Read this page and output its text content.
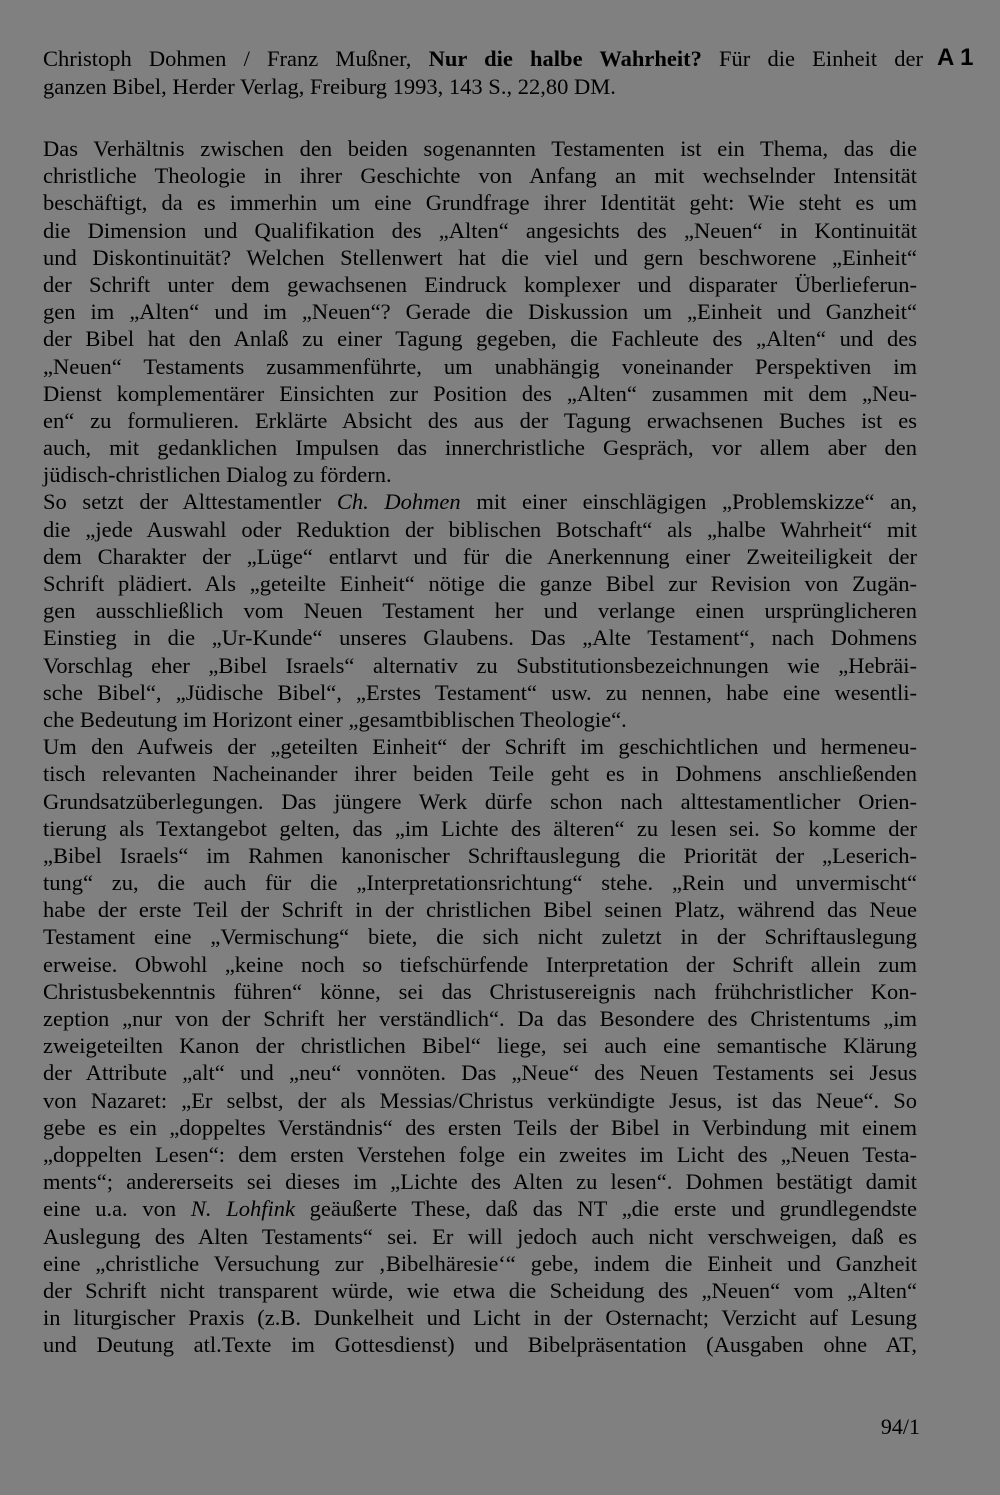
Christoph Dohmen / Franz Mußner, Nur die halbe Wahrheit? Für die Einheit der
ganzen Bibel, Herder Verlag, Freiburg 1993, 143 S., 22,80 DM.
A 1
Das Verhältnis zwischen den beiden sogenannten Testamenten ist ein Thema, das die
christliche Theologie in ihrer Geschichte von Anfang an mit wechselnder Intensität
beschäftigt, da es immerhin um eine Grundfrage ihrer Identität geht: Wie steht es um
die Dimension und Qualifikation des „Alten“ angesichts des „Neuen“ in Kontinuität
und Diskontinuität? Welchen Stellenwert hat die viel und gern beschworene „Einheit“
der Schrift unter dem gewachsenen Eindruck komplexer und disparater Überlieferun-
gen im „Alten“ und im „Neuen“? Gerade die Diskussion um „Einheit und Ganzheit“
der Bibel hat den Anlaß zu einer Tagung gegeben, die Fachleute des „Alten“ und des
„Neuen“ Testaments zusammenführte, um unabhängig voneinander Perspektiven im
Dienst komplementärer Einsichten zur Position des „Alten“ zusammen mit dem „Neu-
en“ zu formulieren. Erklärte Absicht des aus der Tagung erwachsenen Buches ist es
auch, mit gedanklichen Impulsen das innerchristliche Gespräch, vor allem aber den
jüdisch-christlichen Dialog zu fördern.
So setzt der Alttestamentler Ch. Dohmen mit einer einschlägigen „Problemskizze“ an,
die „jede Auswahl oder Reduktion der biblischen Botschaft“ als „halbe Wahrheit“ mit
dem Charakter der „Lüge“ entlarvt und für die Anerkennung einer Zweiteiligkeit der
Schrift plädiert. Als „geteilte Einheit“ nötige die ganze Bibel zur Revision von Zugän-
gen ausschließlich vom Neuen Testament her und verlange einen ursprünglicheren
Einstieg in die „Ur-Kunde“ unseres Glaubens. Das „Alte Testament“, nach Dohmens
Vorschlag eher „Bibel Israels“ alternativ zu Substitutionsbezeichnungen wie „Hebräi-
sche Bibel“, „Jüdische Bibel“, „Erstes Testament“ usw. zu nennen, habe eine wesentli-
che Bedeutung im Horizont einer „gesamtbiblischen Theologie“.
Um den Aufweis der „geteilten Einheit“ der Schrift im geschichtlichen und hermeneu-
tisch relevanten Nacheinander ihrer beiden Teile geht es in Dohmens anschließenden
Grundsatzüberlegungen. Das jüngere Werk dürfe schon nach alttestamentlicher Orien-
tierung als Textangebot gelten, das „im Lichte des älteren“ zu lesen sei. So komme der
„Bibel Israels“ im Rahmen kanonischer Schriftauslegung die Priorität der „Leserich-
tung“ zu, die auch für die „Interpretationsrichtung“ stehe. „Rein und unvermischt“
habe der erste Teil der Schrift in der christlichen Bibel seinen Platz, während das Neue
Testament eine „Vermischung“ biete, die sich nicht zuletzt in der Schriftauslegung
erweise. Obwohl „keine noch so tiefschürfende Interpretation der Schrift allein zum
Christusbekenntnis führen“ könne, sei das Christusereignis nach frühchristlicher Kon-
zeption „nur von der Schrift her verständlich“. Da das Besondere des Christentums „im
zweigeteilten Kanon der christlichen Bibel“ liege, sei auch eine semantische Klärung
der Attribute „alt“ und „neu“ vonnöten. Das „Neue“ des Neuen Testaments sei Jesus
von Nazaret: „Er selbst, der als Messias/Christus verkündigte Jesus, ist das Neue“. So
gebe es ein „doppeltes Verständnis“ des ersten Teils der Bibel in Verbindung mit einem
„doppelten Lesen“: dem ersten Verstehen folge ein zweites im Licht des „Neuen Testa-
ments“; andererseits sei dieses im „Lichte des Alten zu lesen“. Dohmen bestätigt damit
eine u.a. von N. Lohfink geäußerte These, daß das NT „die erste und grundlegendste
Auslegung des Alten Testaments“ sei. Er will jedoch auch nicht verschweigen, daß es
eine „christliche Versuchung zur ‚Bibelhäresie‘“ gebe, indem die Einheit und Ganzheit
der Schrift nicht transparent würde, wie etwa die Scheidung des „Neuen“ vom „Alten“
in liturgischer Praxis (z.B. Dunkelheit und Licht in der Osternacht; Verzicht auf Lesung
und Deutung atl.Texte im Gottesdienst) und Bibelpräsentation (Ausgaben ohne AT,
94/1
